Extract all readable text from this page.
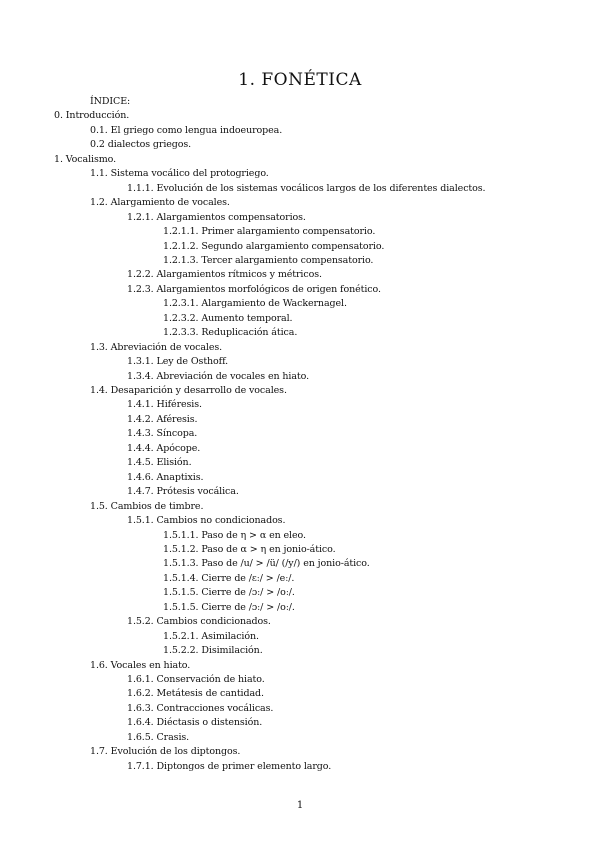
1. FONÉTICA
ÍNDICE:
0. Introducción.
0.1. El griego como lengua indoeuropea.
0.2 dialectos griegos.
1. Vocalismo.
1.1. Sistema vocálico del protogriego.
1.1.1. Evolución de los sistemas vocálicos largos de los diferentes dialectos.
1.2. Alargamiento de vocales.
1.2.1. Alargamientos compensatorios.
1.2.1.1. Primer alargamiento compensatorio.
1.2.1.2. Segundo alargamiento compensatorio.
1.2.1.3. Tercer alargamiento compensatorio.
1.2.2. Alargamientos rítmicos y métricos.
1.2.3. Alargamientos morfológicos de origen fonético.
1.2.3.1. Alargamiento de Wackernagel.
1.2.3.2. Aumento temporal.
1.2.3.3. Reduplicación ática.
1.3. Abreviación de vocales.
1.3.1. Ley de Osthoff.
1.3.4. Abreviación de vocales en hiato.
1.4. Desaparición y desarrollo de vocales.
1.4.1. Hiféresis.
1.4.2. Aféresis.
1.4.3. Síncopa.
1.4.4. Apócope.
1.4.5. Elisión.
1.4.6. Anaptixis.
1.4.7. Prótesis vocálica.
1.5. Cambios de timbre.
1.5.1. Cambios no condicionados.
1.5.1.1. Paso de η > α en eleo.
1.5.1.2. Paso de α > η en jonio-ático.
1.5.1.3. Paso de /u/ > /ü/ (/y/) en jonio-ático.
1.5.1.4. Cierre de /ɛː/ > /eː/.
1.5.1.5. Cierre de /ɔː/ > /oː/.
1.5.1.5. Cierre de /ɔː/ > /oː/.
1.5.2. Cambios condicionados.
1.5.2.1. Asimilación.
1.5.2.2. Disimilación.
1.6. Vocales en hiato.
1.6.1. Conservación de hiato.
1.6.2. Metátesis de cantidad.
1.6.3. Contracciones vocálicas.
1.6.4. Diéctasis o distensión.
1.6.5. Crasis.
1.7. Evolución de los diptongos.
1.7.1. Diptongos de primer elemento largo.
1
